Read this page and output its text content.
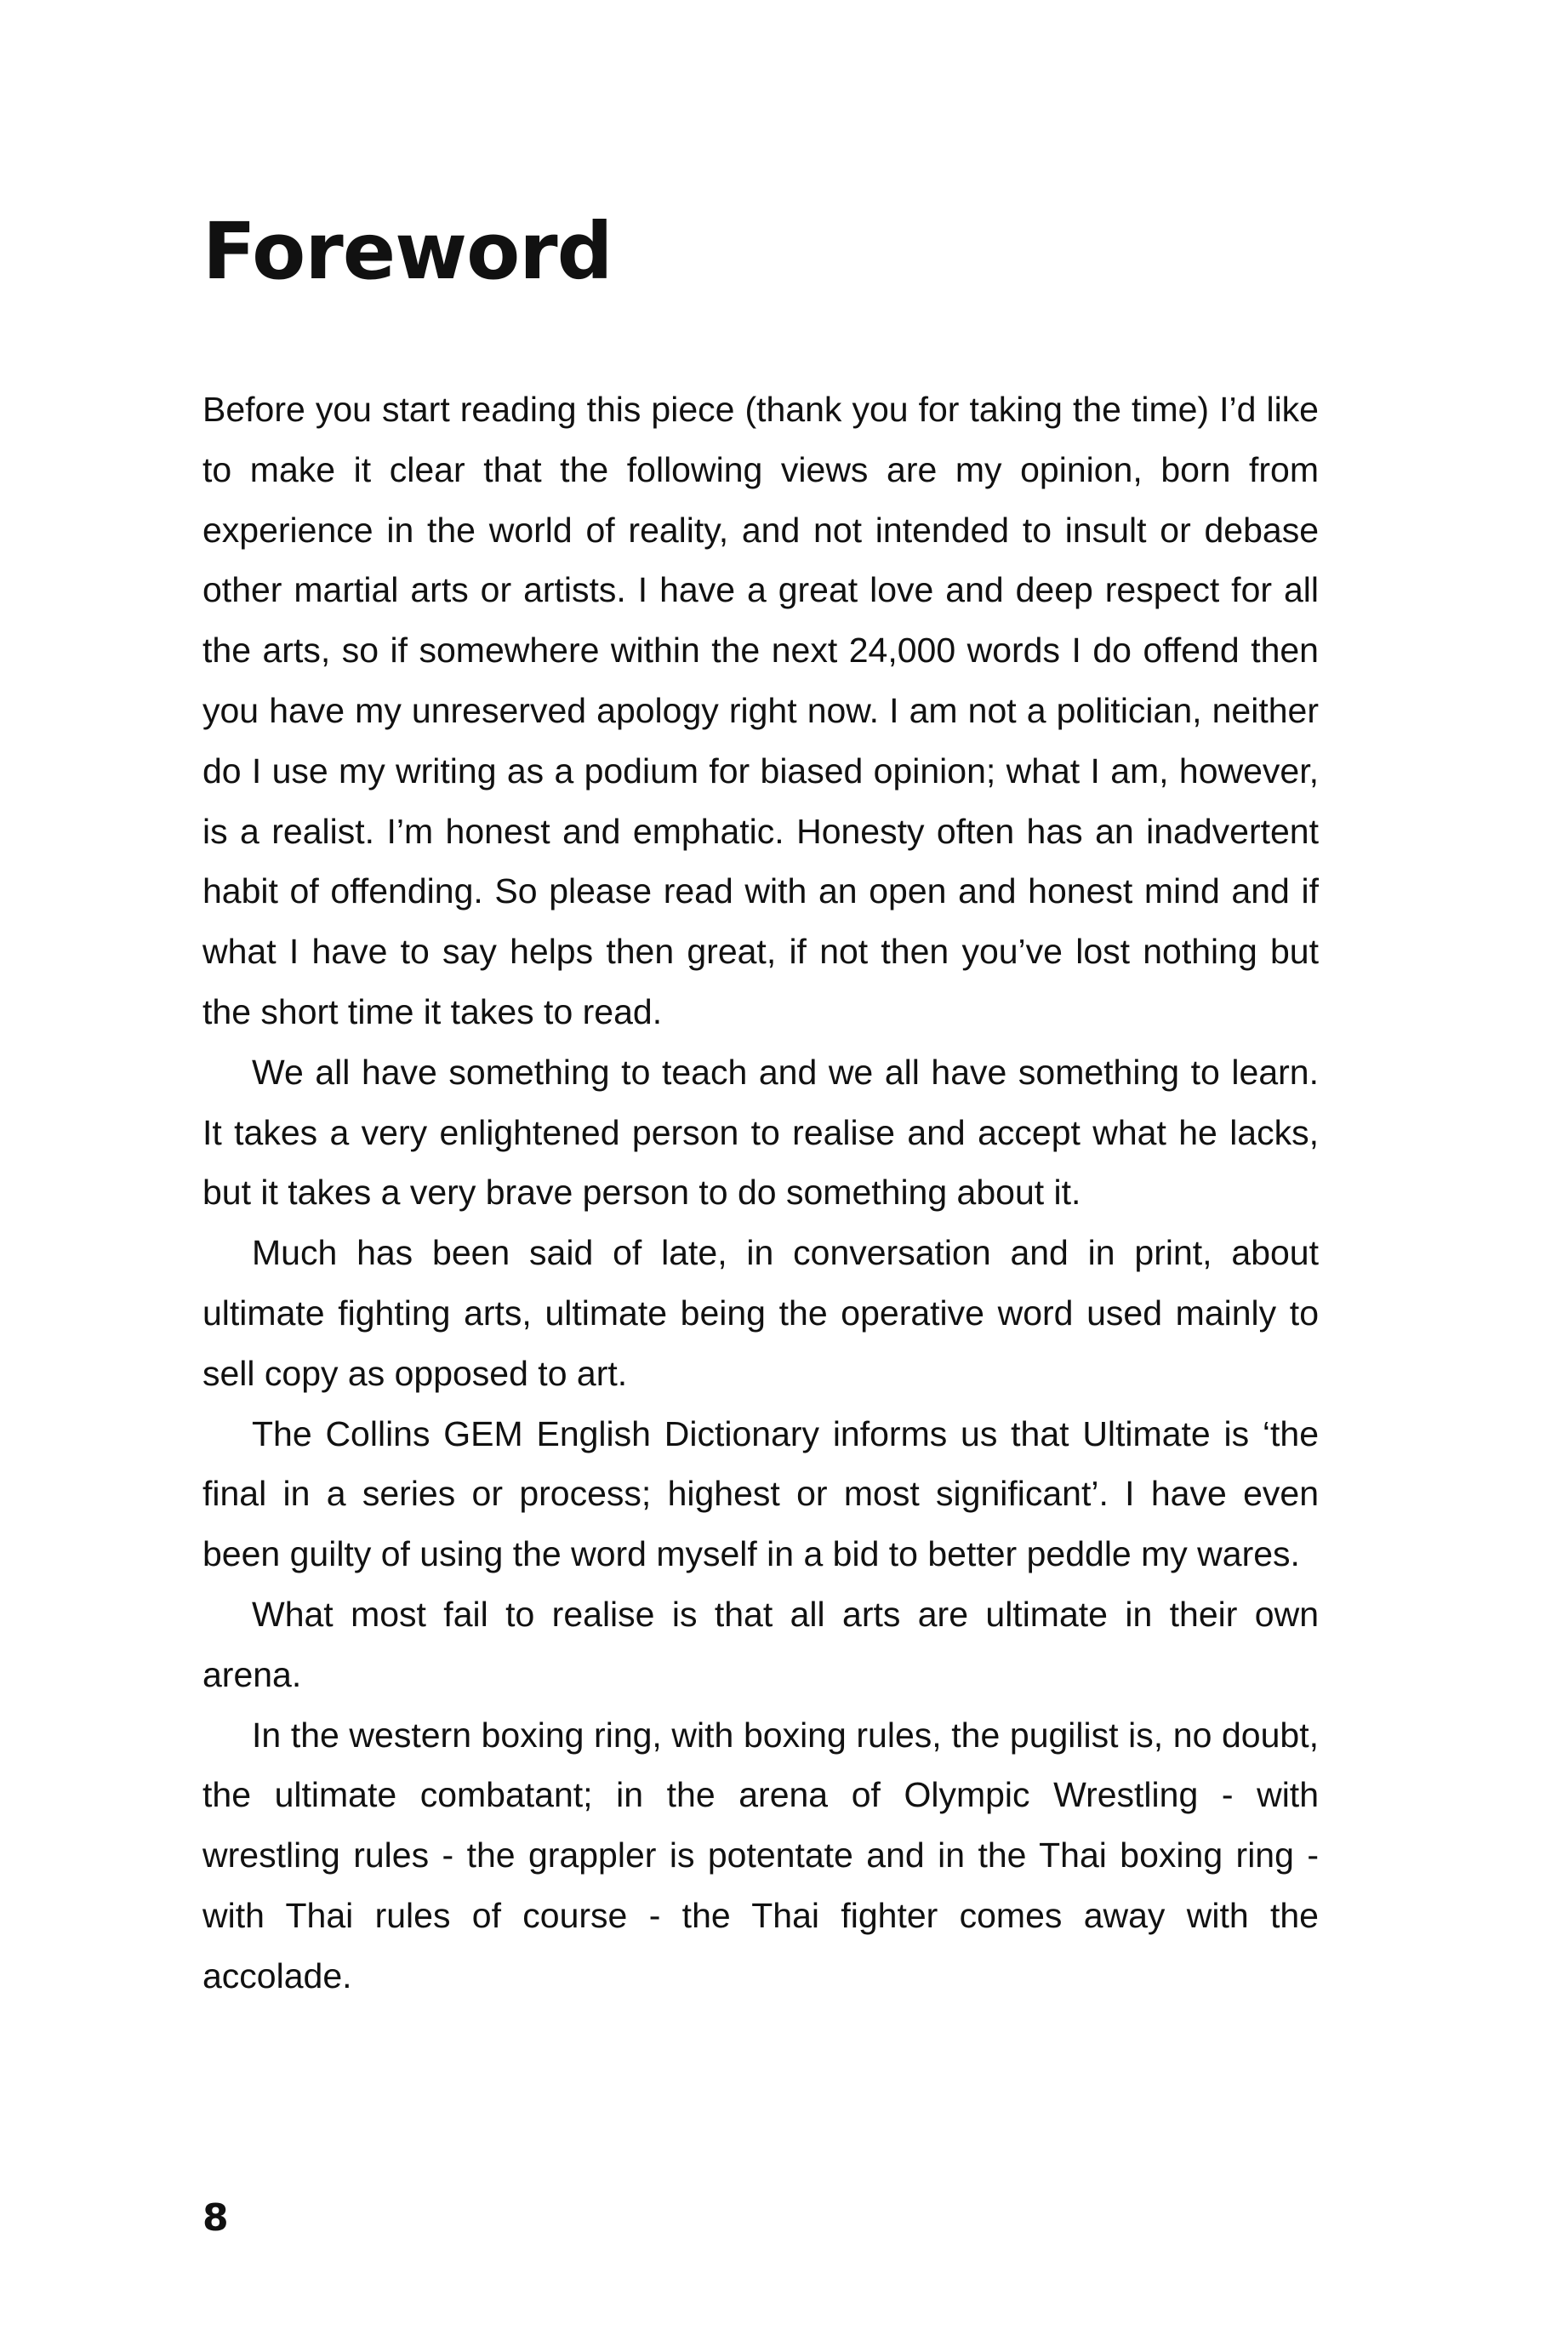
Foreword

Before you start reading this piece (thank you for taking the time) I’d like to make it clear that the following views are my opinion, born from experience in the world of reality, and not intended to insult or debase other martial arts or artists. I have a great love and deep respect for all the arts, so if somewhere within the next 24,000 words I do offend then you have my unreserved apology right now. I am not a politician, neither do I use my writing as a podium for biased opinion; what I am, however, is a realist. I’m honest and emphatic. Honesty often has an inadvertent habit of offending. So please read with an open and honest mind and if what I have to say helps then great, if not then you’ve lost nothing but the short time it takes to read.

We all have something to teach and we all have something to learn. It takes a very enlightened person to realise and accept what he lacks, but it takes a very brave person to do something about it.

Much has been said of late, in conversation and in print, about ultimate fighting arts, ultimate being the operative word used mainly to sell copy as opposed to art.

The Collins GEM English Dictionary informs us that Ultimate is ‘the final in a series or process; highest or most significant’. I have even been guilty of using the word myself in a bid to better peddle my wares.

What most fail to realise is that all arts are ultimate in their own arena.

In the western boxing ring, with boxing rules, the pugilist is, no doubt, the ultimate combatant; in the arena of Olympic Wrestling - with wrestling rules - the grappler is potentate and in the Thai boxing ring - with Thai rules of course - the Thai fighter comes away with the accolade.

8
